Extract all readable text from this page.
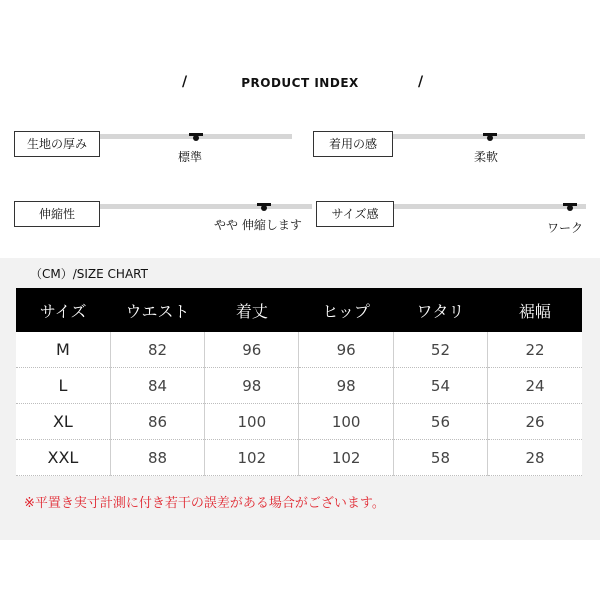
/	PRODUCT INDEX	/
生地の厚み
標準
着用の感
柔軟
伸縮性
やや 伸縮します
サイズ感
ワーク
（CM）/SIZE CHART
サイズ	ウエスト	着丈	ヒップ	ワタリ	裾幅
M	82	96	96	52	22
L	84	98	98	54	24
XL	86	100	100	56	26
XXL	88	102	102	58	28
※平置き実寸計測に付き若干の誤差がある場合がございます。
